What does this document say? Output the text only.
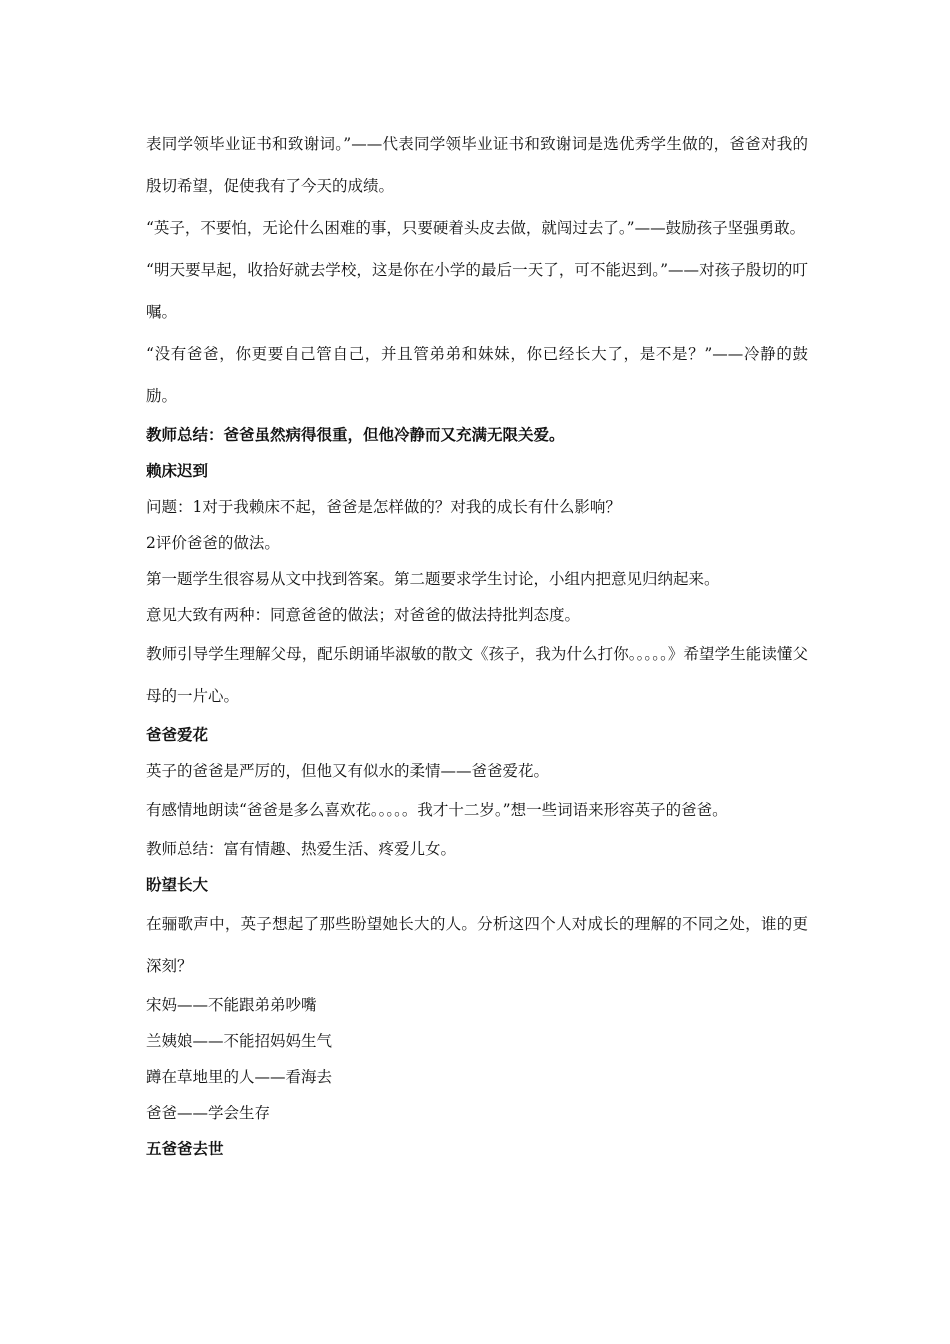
表同学领毕业证书和致谢词。”——代表同学领毕业证书和致谢词是选优秀学生做的，爸爸对我的殷切希望，促使我有了今天的成绩。

“英子，不要怕，无论什么困难的事，只要硬着头皮去做，就闯过去了。”——鼓励孩子坚强勇敢。

“明天要早起，收拾好就去学校，这是你在小学的最后一天了，可不能迟到。”——对孩子殷切的叮嘱。

“没有爸爸，你更要自己管自己，并且管弟弟和妹妹，你已经长大了，是不是？”——冷静的鼓励。

教师总结：爸爸虽然病得很重，但他冷静而又充满无限关爱。

赖床迟到

问题：1对于我赖床不起，爸爸是怎样做的？对我的成长有什么影响？

2评价爸爸的做法。

第一题学生很容易从文中找到答案。第二题要求学生讨论，小组内把意见归纳起来。

意见大致有两种：同意爸爸的做法；对爸爸的做法持批判态度。

教师引导学生理解父母，配乐朗诵毕淑敏的散文《孩子，我为什么打你。。。。。》希望学生能读懂父母的一片心。

爸爸爱花

英子的爸爸是严厉的，但他又有似水的柔情——爸爸爱花。

有感情地朗读“爸爸是多么喜欢花。。。。。我才十二岁。”想一些词语来形容英子的爸爸。

教师总结：富有情趣、热爱生活、疼爱儿女。

盼望长大

在骊歌声中，英子想起了那些盼望她长大的人。分析这四个人对成长的理解的不同之处，谁的更深刻？

宋妈——不能跟弟弟吵嘴

兰姨娘——不能招妈妈生气

蹲在草地里的人——看海去

爸爸——学会生存

五爸爸去世
